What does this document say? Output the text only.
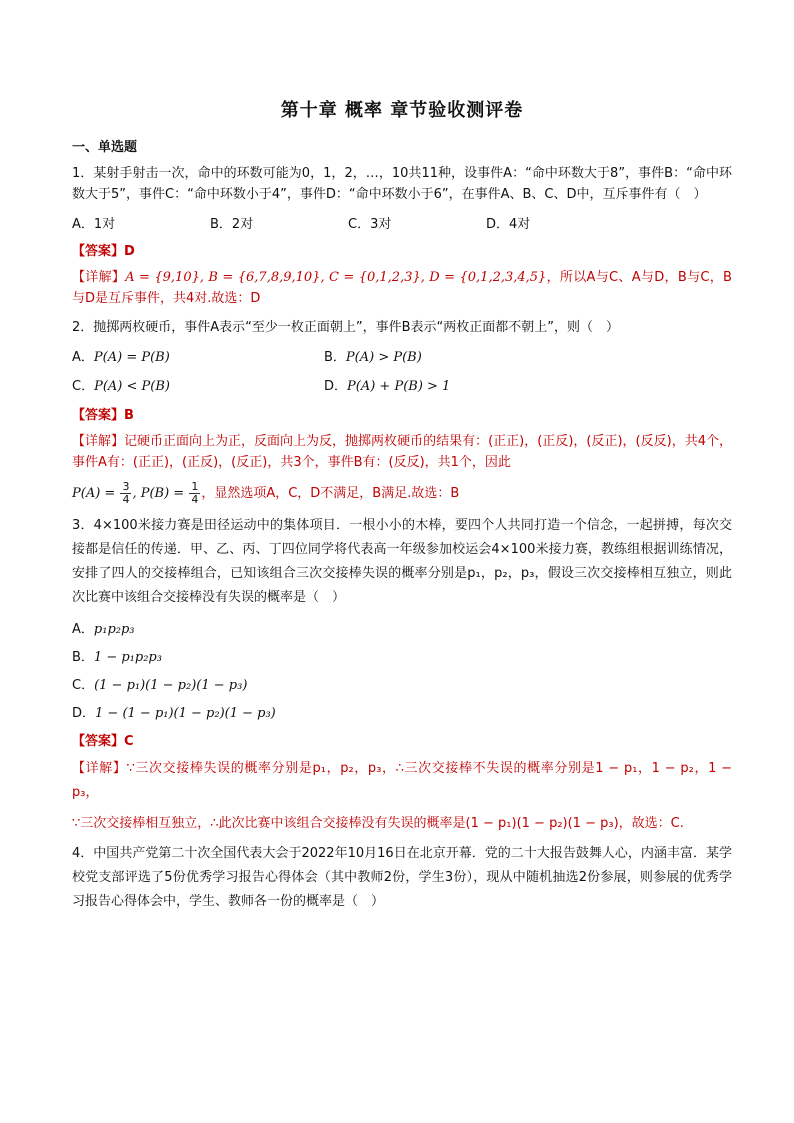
第十章 概率 章节验收测评卷
一、单选题
1．某射手射击一次，命中的环数可能为0，1，2，…，10共11种，设事件A：“命中环数大于8”，事件B：“命中环数大于5”，事件C：“命中环数小于4”，事件D：“命中环数小于6”，在事件A、B、C、D中，互斥事件有（　）
A．1对	B．2对	C．3对	D．4对
【答案】D
【详解】A = {9,10}, B = {6,7,8,9,10}, C = {0,1,2,3}, D = {0,1,2,3,4,5}，所以A与C、A与D，B与C，B与D是互斥事件，共4对.故选：D
2．抛掷两枚硬币，事件A表示“至少一枚正面朝上”，事件B表示“两枚正面都不朝上”，则（　）
A．P(A) = P(B)	B．P(A) > P(B)
C．P(A) < P(B)	D．P(A) + P(B) > 1
【答案】B
【详解】记硬币正面向上为正，反面向上为反，抛掷两枚硬币的结果有：(正正)，(正反)，(反正)，(反反)，共4个，事件A有：(正正)，(正反)，(反正)，共3个，事件B有：(反反)，共1个，因此
$P(A) = \frac{3}{4}$ , $P(B) = \frac{1}{4}$ ，显然选项A，C，D不满足，B满足.故选：B
3．4×100米接力赛是田径运动中的集体项目．一根小小的木棒，要四个人共同打造一个信念，一起拼搏，每次交接都是信任的传递．甲、乙、丙、丁四位同学将代表高一年级参加校运会4×100米接力赛，教练组根据训练情况，安排了四人的交接棒组合，已知该组合三次交接棒失误的概率分别是p₁，p₂，p₃，假设三次交接棒相互独立，则此次比赛中该组合交接棒没有失误的概率是（　）
A．p₁p₂p₃
B．1 − p₁p₂p₃
C．(1 − p₁)(1 − p₂)(1 − p₃)
D．1 − (1 − p₁)(1 − p₂)(1 − p₃)
【答案】C
【详解】∵三次交接棒失误的概率分别是p₁，p₂，p₃，∴三次交接棒不失误的概率分别是1 − p₁，1 − p₂，1 − p₃，
∵三次交接棒相互独立，∴此次比赛中该组合交接棒没有失误的概率是(1 − p₁)(1 − p₂)(1 − p₃)，故选：C.
4．中国共产党第二十次全国代表大会于2022年10月16日在北京开幕．党的二十大报告鼓舞人心，内涵丰富．某学校党支部评选了5份优秀学习报告心得体会（其中教师2份，学生3份），现从中随机抽选2份参展，则参展的优秀学习报告心得体会中，学生、教师各一份的概率是（　）
